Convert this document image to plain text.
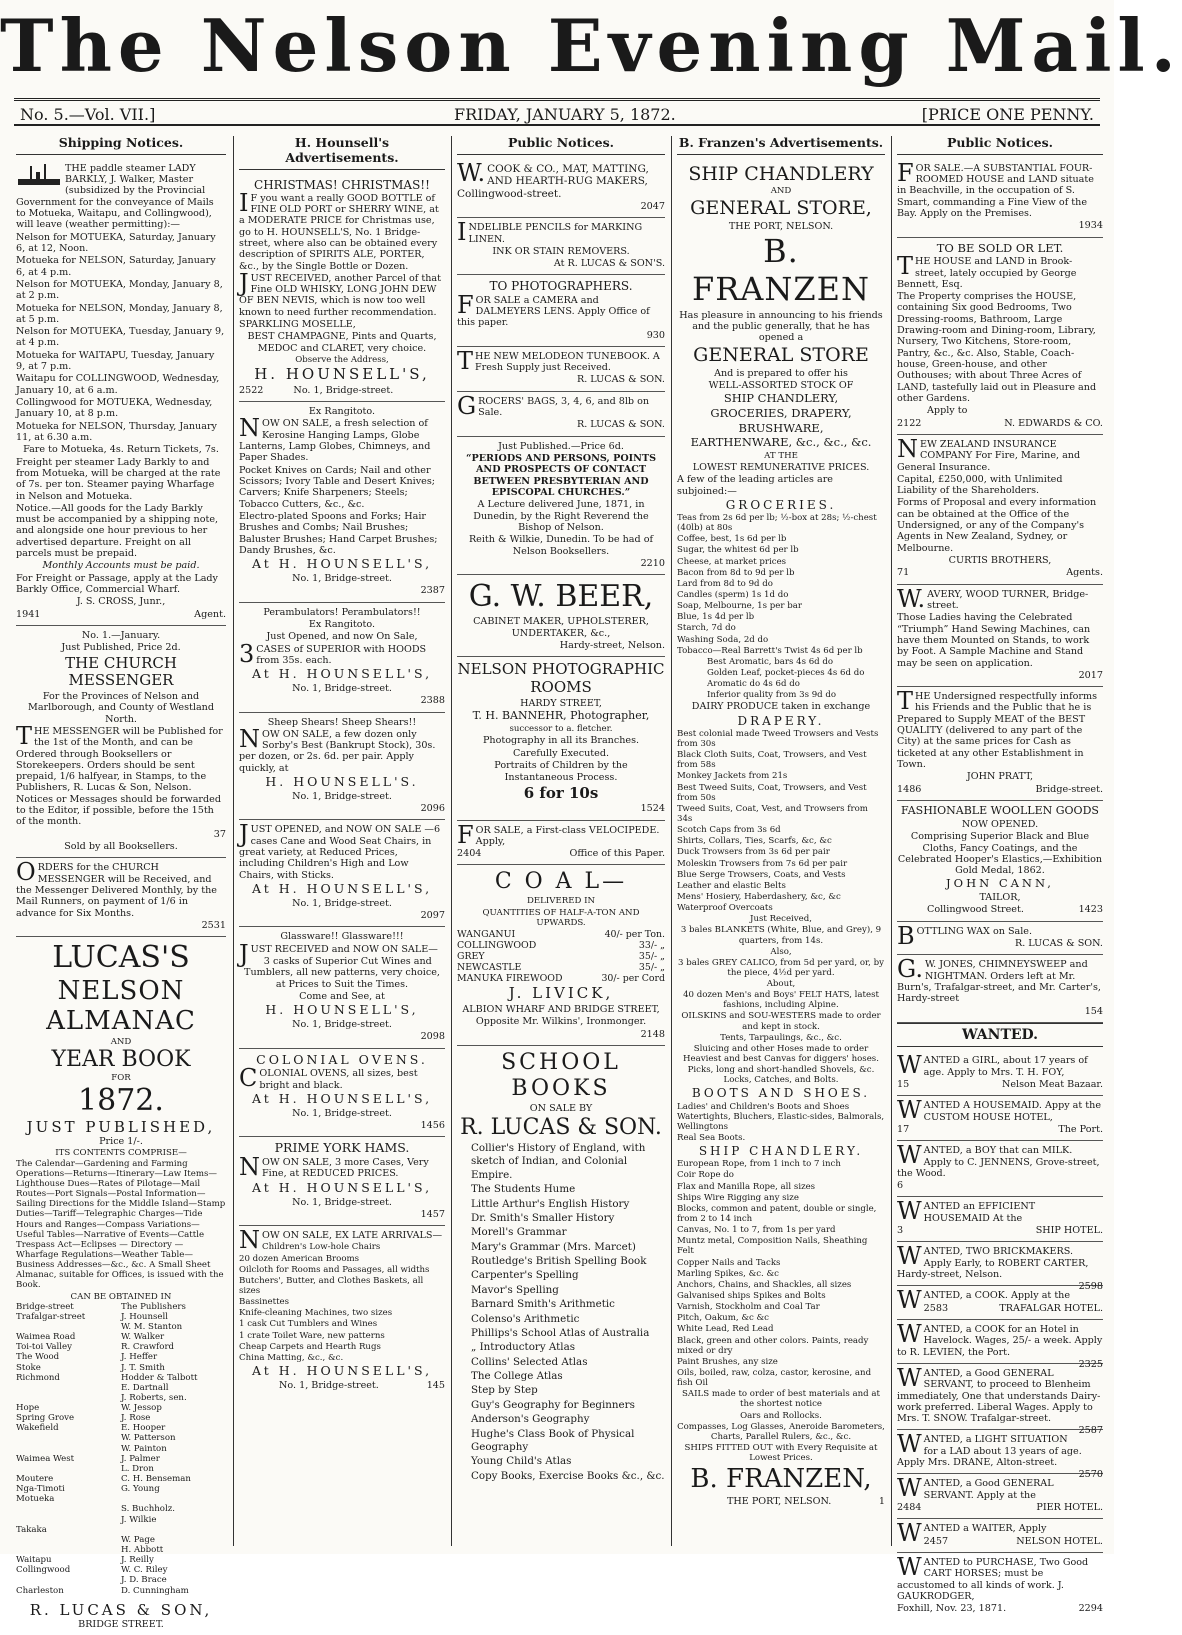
The Nelson Evening Mail.
No. 5.—Vol. VII.]	FRIDAY, JANUARY 5, 1872.	[PRICE ONE PENNY.
Shipping Notices.

THE paddle steamer LADY BARKLY, J. Walker, Master (subsidized by the Provincial Government for the conveyance of Mails to Motueka, Waitapu, and Collingwood), will leave (weather permitting):—

Nelson for MOTUEKA, Saturday, January 6, at 12, Noon.

Motueka for NELSON, Saturday, January 6, at 4 p.m.

Nelson for MOTUEKA, Monday, January 8, at 2 p.m.

Motueka for NELSON, Monday, January 8, at 5 p.m.

Nelson for MOTUEKA, Tuesday, January 9, at 4 p.m.

Motueka for WAITAPU, Tuesday, January 9, at 7 p.m.

Waitapu for COLLINGWOOD, Wednesday, January 10, at 6 a.m.

Collingwood for MOTUEKA, Wednesday, January 10, at 8 p.m.

Motueka for NELSON, Thursday, January 11, at 6.30 a.m.

Fare to Motueka, 4s. Return Tickets, 7s.

Freight per steamer Lady Barkly to and from Motueka, will be charged at the rate of 7s. per ton. Steamer paying Wharfage in Nelson and Motueka.

Notice.—All goods for the Lady Barkly must be accompanied by a shipping note, and alongside one hour previous to her advertised departure. Freight on all parcels must be prepaid.

Monthly Accounts must be paid.

For Freight or Passage, apply at the Lady Barkly Office, Commercial Wharf.

J. S. CROSS, Junr.,

1941	Agent.

No. 1.—January.

Just Published, Price 2d.

THE CHURCH MESSENGER

For the Provinces of Nelson and Marlborough, and County of Westland North.

THE MESSENGER will be Published for the 1st of the Month, and can be Ordered through Booksellers or Storekeepers. Orders should be sent prepaid, 1/6 halfyear, in Stamps, to the Publishers, R. Lucas & Son, Nelson. Notices or Messages should be forwarded to the Editor, if possible, before the 15th of the month.

37

Sold by all Booksellers.

ORDERS for the CHURCH MESSENGER will be Received, and the Messenger Delivered Monthly, by the Mail Runners, on payment of 1/6 in advance for Six Months.

2531

LUCAS'S
NELSON ALMANAC
AND
YEAR BOOK
FOR
1872.
JUST PUBLISHED,
Price 1/-.
ITS CONTENTS COMPRISE—

The Calendar—Gardening and Farming Operations—Returns—Itinerary—Law Items—Lighthouse Dues—Rates of Pilotage—Mail Routes—Port Signals—Postal Information—Sailing Directions for the Middle Island—Stamp Duties—Tariff—Telegraphic Charges—Tide Hours and Ranges—Compass Variations—Useful Tables—Narrative of Events—Cattle Trespass Act—Eclipses — Directory — Wharfage Regulations—Weather Table—Business Addresses—&c., &c. A Small Sheet Almanac, suitable for Offices, is issued with the Book.

CAN BE OBTAINED IN
Bridge-street	The Publishers
Trafalgar-street	J. Hounsell
W. M. Stanton
Waimea Road	W. Walker
Toi-toi Valley	R. Crawford
The Wood	J. Heffer
Stoke	J. T. Smith
Richmond	Hodder & Talbott
E. Dartnall
J. Roberts, sen.
Hope	W. Jessop
Spring Grove	J. Rose
Wakefield	E. Hooper
W. Patterson
W. Painton
Waimea West	J. Palmer
L. Dron
Moutere	C. H. Benseman
Nga-Timoti	G. Young
Motueka
S. Buchholz.
J. Wilkie
Takaka
W. Page
H. Abbott
Waitapu	J. Reilly
Collingwood	W. C. Riley
J. D. Brace
Charleston	D. Cunningham
R. LUCAS & SON,
BRIDGE STREET.
H. Hounsell's Advertisements.

CHRISTMAS! CHRISTMAS!!

IF you want a really GOOD BOTTLE of FINE OLD PORT or SHERRY WINE, at a MODERATE PRICE for Christmas use, go to H. HOUNSELL'S, No. 1 Bridge-street, where also can be obtained every description of SPIRITS ALE, PORTER, &c., by the Single Bottle or Dozen.

JUST RECEIVED, another Parcel of that Fine OLD WHISKY, LONG JOHN DEW OF BEN NEVIS, which is now too well known to need further recommendation.

SPARKLING MOSELLE,

BEST CHAMPAGNE, Pints and Quarts, MEDOC and CLARET, very choice.

Observe the Address,

H. HOUNSELL'S,

2522	No. 1, Bridge-street.

Ex Rangitoto.

NOW ON SALE, a fresh selection of Kerosine Hanging Lamps, Globe Lanterns, Lamp Globes, Chimneys, and Paper Shades.

Pocket Knives on Cards; Nail and other Scissors; Ivory Table and Desert Knives; Carvers; Knife Sharpeners; Steels; Tobacco Cutters, &c., &c.

Electro-plated Spoons and Forks; Hair Brushes and Combs; Nail Brushes; Baluster Brushes; Hand Carpet Brushes; Dandy Brushes, &c.

At H. HOUNSELL'S,

No. 1, Bridge-street.

2387

Perambulators! Perambulators!!

Ex Rangitoto.

Just Opened, and now On Sale,

3CASES of SUPERIOR with HOODS from 35s. each.

At H. HOUNSELL'S,

No. 1, Bridge-street.

2388

Sheep Shears! Sheep Shears!!

NOW ON SALE, a few dozen only Sorby's Best (Bankrupt Stock), 30s. per dozen, or 2s. 6d. per pair. Apply quickly, at

H. HOUNSELL'S.

No. 1, Bridge-street.

2096

JUST OPENED, and NOW ON SALE —6 cases Cane and Wood Seat Chairs, in great variety, at Reduced Prices, including Children's High and Low Chairs, with Sticks.

At H. HOUNSELL'S,

No. 1, Bridge-street.

2097

Glassware!! Glassware!!!

JUST RECEIVED and NOW ON SALE—

3 casks of Superior Cut Wines and Tumblers, all new patterns, very choice, at Prices to Suit the Times.

Come and See, at

H. HOUNSELL'S,

No. 1, Bridge-street.

2098

COLONIAL OVENS.

COLONIAL OVENS, all sizes, best bright and black.

At H. HOUNSELL'S,

No. 1, Bridge-street.

1456

PRIME YORK HAMS.

NOW ON SALE, 3 more Cases, Very Fine, at REDUCED PRICES.

At H. HOUNSELL'S,

No. 1, Bridge-street.

1457

NOW ON SALE, EX LATE ARRIVALS—

Children's Low-hole Chairs

20 dozen American Brooms

Oilcloth for Rooms and Passages, all widths

Butchers', Butter, and Clothes Baskets, all sizes

Bassinettes

Knife-cleaning Machines, two sizes

1 cask Cut Tumblers and Wines

1 crate Toilet Ware, new patterns

Cheap Carpets and Hearth Rugs

China Matting, &c., &c.

At H. HOUNSELL'S,

No. 1, Bridge-street.	145

Public Notices.

W.COOK & CO., MAT, MATTING, AND HEARTH-RUG MAKERS, Collingwood-street.

2047

INDELIBLE PENCILS for MARKING LINEN.

INK OR STAIN REMOVERS.

At R. LUCAS & SON'S.

TO PHOTOGRAPHERS.

FOR SALE a CAMERA and DALMEYERS LENS. Apply Office of this paper.

930

THE NEW MELODEON TUNEBOOK. A Fresh Supply just Received.

R. LUCAS & SON.

GROCERS' BAGS, 3, 4, 6, and 8lb on Sale.

R. LUCAS & SON.

Just Published.—Price 6d.

“PERIODS AND PERSONS, POINTS AND PROSPECTS OF CONTACT BETWEEN PRESBYTERIAN AND EPISCOPAL CHURCHES.”

A Lecture delivered June, 1871, in Dunedin, by the Right Reverend the Bishop of Nelson.

Reith & Wilkie, Dunedin. To be had of Nelson Booksellers.

2210

G. W. BEER,

CABINET MAKER, UPHOLSTERER,

UNDERTAKER, &c.,

Hardy-street, Nelson.

NELSON PHOTOGRAPHIC ROOMS

HARDY STREET,

T. H. BANNEHR, Photographer,

successor to a. fletcher.

Photography in all its Branches.

Carefully Executed.

Portraits of Children by the

Instantaneous Process.

6 for 10s

1524

FOR SALE, a First-class VELOCIPEDE. Apply,

2404	Office of this Paper.

C O A L—

DELIVERED IN

QUANTITIES OF HALF-A-TON AND UPWARDS.

WANGANUI	40/- per Ton.
COLLINGWOOD	33/- „
GREY	35/- „
NEWCASTLE	35/- „
MANUKA FIREWOOD	30/- per Cord

J. LIVICK,

ALBION WHARF AND BRIDGE STREET,

Opposite Mr. Wilkins', Ironmonger.

2148

SCHOOL BOOKS

ON SALE BY

R. LUCAS & SON.

Collier's History of England, with sketch of Indian, and Colonial Empire.

The Students Hume

Little Arthur's English History

Dr. Smith's Smaller History

Morell's Grammar

Mary's Grammar (Mrs. Marcet)

Routledge's British Spelling Book

Carpenter's Spelling

Mavor's Spelling

Barnard Smith's Arithmetic

Colenso's Arithmetic

Phillips's School Atlas of Australia

„ Introductory Atlas

Collins' Selected Atlas

The College Atlas

Step by Step

Guy's Geography for Beginners

Anderson's Geography

Hughe's Class Book of Physical Geography

Young Child's Atlas

Copy Books, Exercise Books &c., &c.

B. Franzen's Advertisements.

SHIP CHANDLERY

AND

GENERAL STORE,

THE PORT, NELSON.

B. FRANZEN

Has pleasure in announcing to his friends and the public generally, that he has opened a

GENERAL STORE

And is prepared to offer his

WELL-ASSORTED STOCK OF

SHIP CHANDLERY,

GROCERIES, DRAPERY,

BRUSHWARE,

EARTHENWARE, &c., &c., &c.

AT THE

LOWEST REMUNERATIVE PRICES.

A few of the leading articles are subjoined:—

GROCERIES.

Teas from 2s 6d per lb; ½-box at 28s; ½-chest (40lb) at 80s

Coffee, best, 1s 6d per lb

Sugar, the whitest 6d per lb

Cheese, at market prices

Bacon from 8d to 9d per lb

Lard from 8d to 9d do

Candles (sperm) 1s 1d do

Soap, Melbourne, 1s per bar

Blue, 1s 4d per lb

Starch, 7d do

Washing Soda, 2d do

Tobacco—Real Barrett's Twist 4s 6d per lb

Best Aromatic, bars 4s 6d do

Golden Leaf, pocket-pieces 4s 6d do

Aromatic do 4s 6d do

Inferior quality from 3s 9d do

DAIRY PRODUCE taken in exchange

DRAPERY.

Best colonial made Tweed Trowsers and Vests from 30s

Black Cloth Suits, Coat, Trowsers, and Vest from 58s

Monkey Jackets from 21s

Best Tweed Suits, Coat, Trowsers, and Vest from 50s

Tweed Suits, Coat, Vest, and Trowsers from 34s

Scotch Caps from 3s 6d

Shirts, Collars, Ties, Scarfs, &c, &c

Duck Trowsers from 3s 6d per pair

Moleskin Trowsers from 7s 6d per pair

Blue Serge Trowsers, Coats, and Vests

Leather and elastic Belts

Mens' Hosiery, Haberdashery, &c, &c

Waterproof Overcoats

Just Received,

3 bales BLANKETS (White, Blue, and Grey), 9 quarters, from 14s.

Also,

3 bales GREY CALICO, from 5d per yard, or, by the piece, 4½d per yard.

About,

40 dozen Men's and Boys' FELT HATS, latest fashions, including Alpine.

OILSKINS and SOU-WESTERS made to order and kept in stock.

Tents, Tarpaulings, &c., &c.

Sluicing and other Hoses made to order Heaviest and best Canvas for diggers' hoses.

Picks, long and short-handled Shovels, &c. Locks, Catches, and Bolts.

BOOTS AND SHOES.

Ladies' and Children's Boots and Shoes Watertights, Bluchers, Elastic-sides, Balmorals, Wellingtons

Real Sea Boots.

SHIP CHANDLERY.

European Rope, from 1 inch to 7 inch

Coir Rope do

Flax and Manilla Rope, all sizes

Ships Wire Rigging any size

Blocks, common and patent, double or single, from 2 to 14 inch

Canvas, No. 1 to 7, from 1s per yard

Muntz metal, Composition Nails, Sheathing Felt

Copper Nails and Tacks

Marling Spikes, &c. &c

Anchors, Chains, and Shackles, all sizes

Galvanised ships Spikes and Bolts

Varnish, Stockholm and Coal Tar

Pitch, Oakum, &c &c

White Lead, Red Lead

Black, green and other colors. Paints, ready mixed or dry

Paint Brushes, any size

Oils, boiled, raw, colza, castor, kerosine, and fish Oil

SAILS made to order of best materials and at the shortest notice

Oars and Rollocks.

Compasses, Log Glasses, Aneroide Barometers, Charts, Parallel Rulers, &c., &c.

SHIPS FITTED OUT with Every Requisite at Lowest Prices.

B. FRANZEN,

THE PORT, NELSON.	1

Public Notices.

FOR SALE.—A SUBSTANTIAL FOUR-ROOMED HOUSE and LAND situate in Beachville, in the occupation of S. Smart, commanding a Fine View of the Bay. Apply on the Premises.

1934

TO BE SOLD OR LET.

THE HOUSE and LAND in Brook-street, lately occupied by George Bennett, Esq.

The Property comprises the HOUSE, containing Six good Bedrooms, Two Dressing-rooms, Bathroom, Large Drawing-room and Dining-room, Library, Nursery, Two Kitchens, Store-room, Pantry, &c., &c. Also, Stable, Coach-house, Green-house, and other Outhouses; with about Three Acres of LAND, tastefully laid out in Pleasure and other Gardens.

Apply to

2122	N. EDWARDS & CO.

NEW ZEALAND INSURANCE COMPANY For Fire, Marine, and General Insurance.

Capital, £250,000, with Unlimited Liability of the Shareholders.

Forms of Proposal and every information can be obtained at the Office of the Undersigned, or any of the Company's Agents in New Zealand, Sydney, or Melbourne.

CURTIS BROTHERS,

71	Agents.

W.AVERY, WOOD TURNER, Bridge-street.

Those Ladies having the Celebrated “Triumph” Hand Sewing Machines, can have them Mounted on Stands, to work by Foot. A Sample Machine and Stand may be seen on application.

2017

THE Undersigned respectfully informs his Friends and the Public that he is Prepared to Supply MEAT of the BEST QUALITY (delivered to any part of the City) at the same prices for Cash as ticketed at any other Establishment in Town.

JOHN PRATT,

1486	Bridge-street.

FASHIONABLE WOOLLEN GOODS

NOW OPENED.

Comprising Superior Black and Blue Cloths, Fancy Coatings, and the Celebrated Hooper's Elastics,—Exhibition Gold Medal, 1862.

JOHN CANN,

TAILOR,

Collingwood Street.	1423

BOTTLING WAX on Sale.

R. LUCAS & SON.

G.W. JONES, CHIMNEYSWEEP and NIGHTMAN. Orders left at Mr. Burn's, Trafalgar-street, and Mr. Carter's, Hardy-street

154

WANTED.

WANTED a GIRL, about 17 years of age. Apply to Mrs. T. H. FOY,

15	Nelson Meat Bazaar.

WANTED A HOUSEMAID. Appy at the CUSTOM HOUSE HOTEL,

17	The Port.

WANTED, a BOY that can MILK. Apply to C. JENNENS, Grove-street, the Wood.

6

WANTED an EFFICIENT HOUSEMAID At the

3	SHIP HOTEL.

WANTED, TWO BRICKMAKERS. Apply Early, to ROBERT CARTER, Hardy-street, Nelson.

2598

WANTED, a COOK. Apply at the

2583	TRAFALGAR HOTEL.

WANTED, a COOK for an Hotel in Havelock. Wages, 25/- a week. Apply to R. LEVIEN, the Port.

2325

WANTED, a Good GENERAL SERVANT, to proceed to Blenheim immediately, One that understands Dairy-work preferred. Liberal Wages. Apply to Mrs. T. SNOW. Trafalgar-street.

2587

WANTED, a LIGHT SITUATION for a LAD about 13 years of age. Apply Mrs. DRANE, Alton-street.

2570

WANTED, a Good GENERAL SERVANT. Apply at the

2484	PIER HOTEL.

WANTED a WAITER, Apply

2457	NELSON HOTEL.

WANTED to PURCHASE, Two Good CART HORSES; must be accustomed to all kinds of work. J. GAUKRODGER,

Foxhill, Nov. 23, 1871.	2294
